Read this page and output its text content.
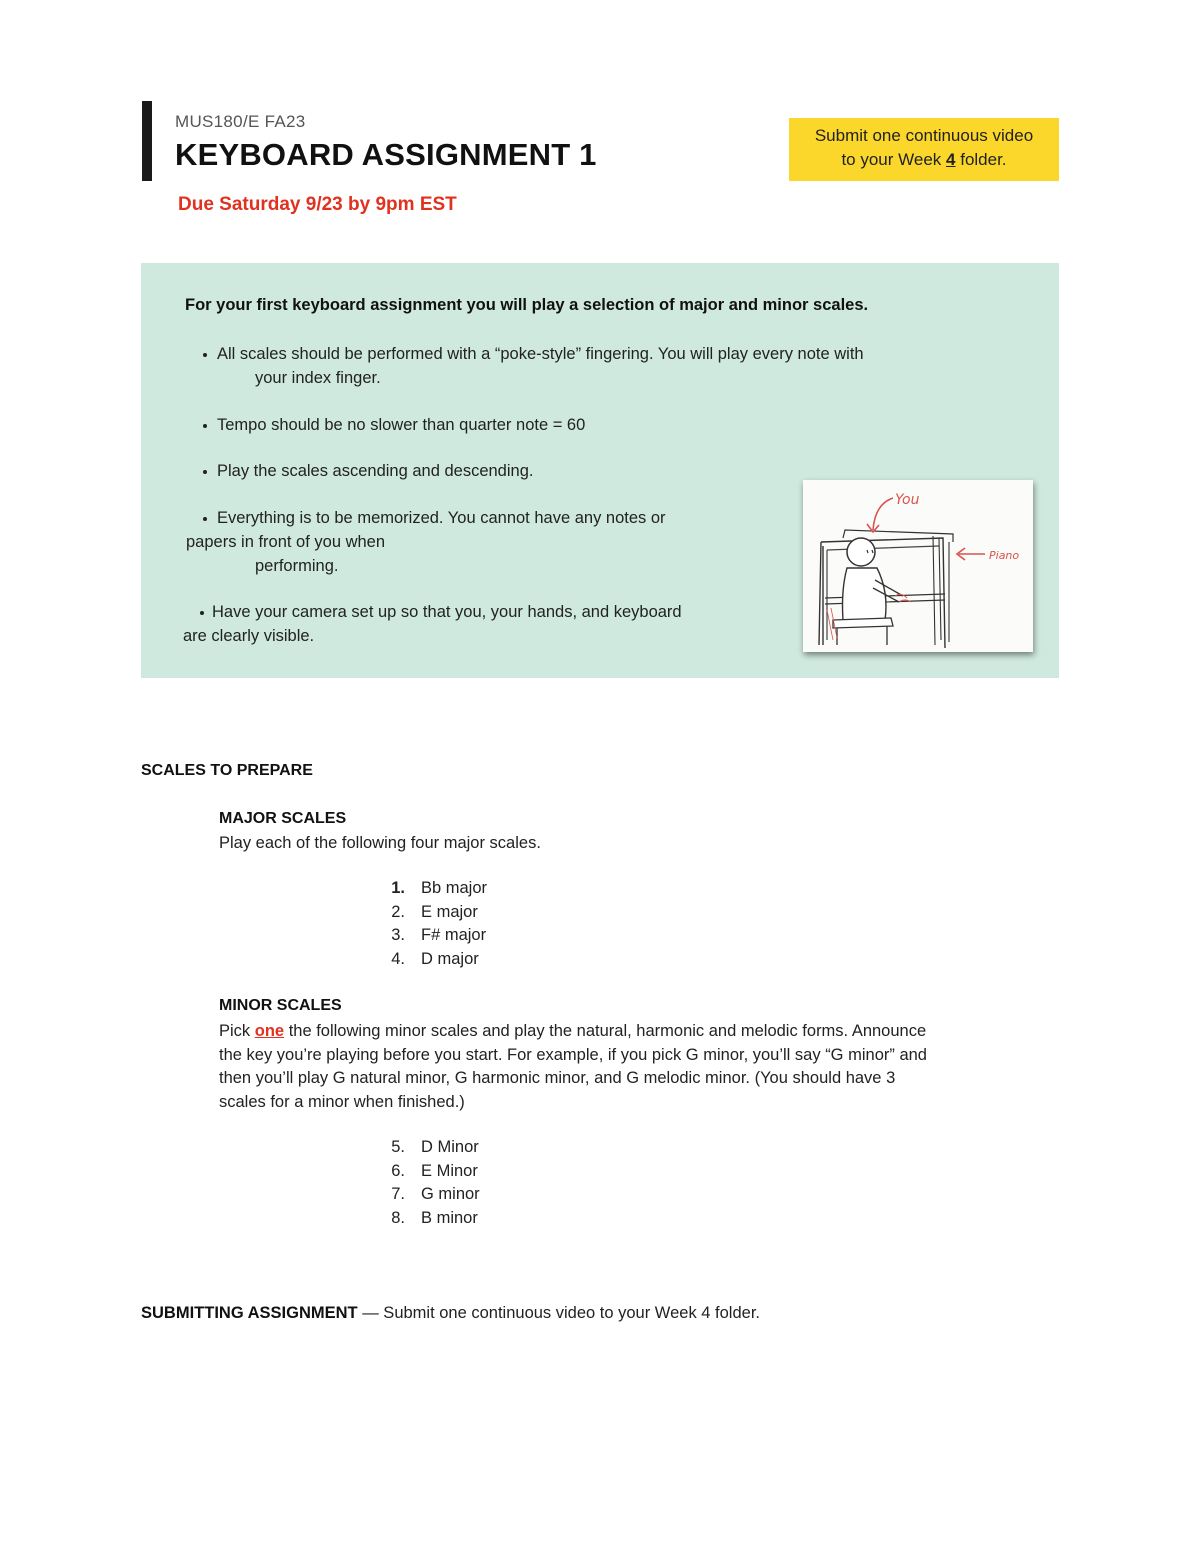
MUS180/E FA23
KEYBOARD ASSIGNMENT 1
Due Saturday 9/23 by 9pm EST
Submit one continuous video
to your Week 4 folder.
For your first keyboard assignment you will play a selection of major and minor scales.
All scales should be performed with a “poke-style” fingering. You will play every note with
your index finger.
Tempo should be no slower than quarter note = 60
Play the scales ascending and descending.
Everything is to be memorized. You cannot have any notes or
papers in front of you when
performing.
Have your camera set up so that you, your hands, and keyboard
are clearly visible.
You
Piano
SCALES TO PREPARE
MAJOR SCALES
Play each of the following four major scales.
1. Bb major
2. E major
3. F# major
4. D major
MINOR SCALES
Pick one the following minor scales and play the natural, harmonic and melodic forms. Announce
the key you’re playing before you start. For example, if you pick G minor, you’ll say “G minor” and
then you’ll play G natural minor, G harmonic minor, and G melodic minor. (You should have 3
scales for a minor when finished.)
5. D Minor
6. E Minor
7. G minor
8. B minor
SUBMITTING ASSIGNMENT — Submit one continuous video to your Week 4 folder.
